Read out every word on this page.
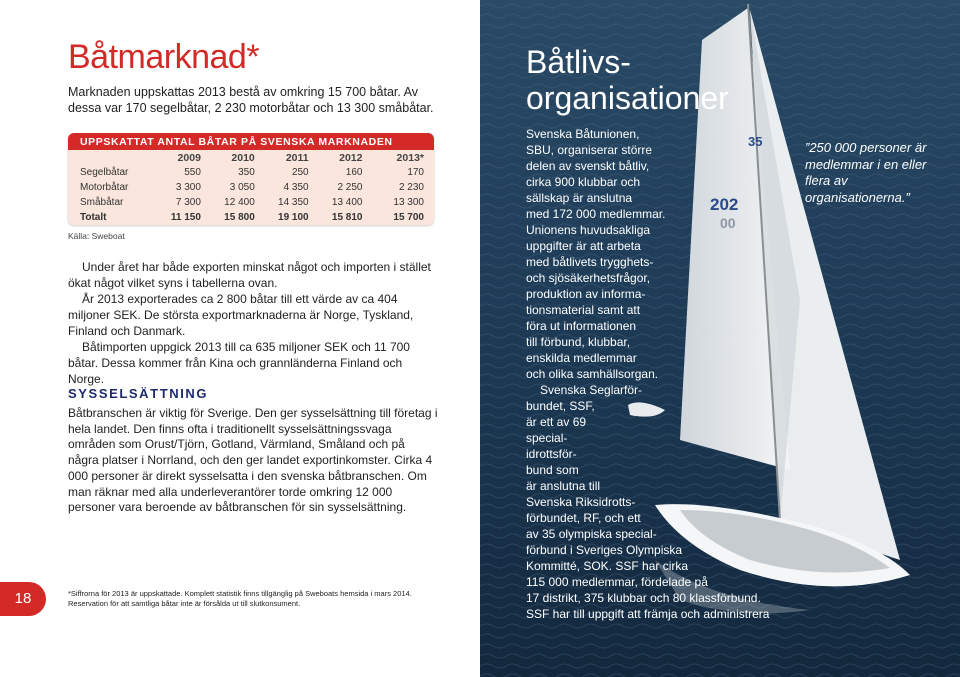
Båtmarknad*
Marknaden uppskattas 2013 bestå av omkring 15 700 båtar. Av dessa var 170 segelbåtar, 2 230 motorbåtar och 13 300 småbåtar.
UPPSKATTAT ANTAL BÅTAR PÅ SVENSKA MARKNADEN
	2009	2010	2011	2012	2013*
Segelbåtar	550	350	250	160	170
Motorbåtar	3 300	3 050	4 350	2 250	2 230
Småbåtar	7 300	12 400	14 350	13 400	13 300
Totalt	11 150	15 800	19 100	15 810	15 700
Källa: Sweboat

Under året har både exporten minskat något och importen i stället ökat något vilket syns i tabellerna ovan.

År 2013 exporterades ca 2 800 båtar till ett värde av ca 404 miljoner SEK. De största exportmarknaderna är Norge, Tyskland, Finland och Danmark.

Båtimporten uppgick 2013 till ca 635 miljoner SEK och 11 700 båtar. Dessa kommer från Kina och grannländerna Finland och Norge.

SYSSELSÄTTNING

Båtbranschen är viktig för Sverige. Den ger sysselsättning till företag i hela landet. Den finns ofta i traditionellt sysselsättningssvaga områden som Orust/Tjörn, Gotland, Värmland, Småland och på några platser i Norrland, och den ger landet exportinkomster. Cirka 4 000 personer är direkt sysselsatta i den svenska båtbranschen. Om man räknar med alla underleverantörer torde omkring 12 000 personer vara beroende av båtbranschen för sin sysselsättning.

*Siffrorna för 2013 är uppskattade. Komplett statistik finns tillgänglig på Sweboats hemsida i mars 2014.
Reservation för att samtliga båtar inte är försålda ut till slutkonsument.
18
35
202
00
Båtlivs-
organisationer

Svenska Båtunionen,

SBU, organiserar större

delen av svenskt båtliv,

cirka 900 klubbar och

sällskap är anslutna

med 172 000 medlemmar.

Unionens huvudsakliga

uppgifter är att arbeta

med båtlivets trygghets-

och sjösäkerhetsfrågor,

produktion av informa-

tionsmaterial samt att

föra ut informationen

till förbund, klubbar,

enskilda medlemmar

och olika samhällsorgan.

Svenska Seglarför-

bundet, SSF,

är ett av 69

special-

idrottsför-

bund som

är anslutna till

Svenska Riksidrotts-

förbundet, RF, och ett

av 35 olympiska special-

förbund i Sveriges Olympiska

Kommitté, SOK. SSF har cirka

115 000 medlemmar, fördelade på

17 distrikt, 375 klubbar och 80 klassförbund.

SSF har till uppgift att främja och administrera

”250 000 personer är medlemmar i en eller flera av organisationerna.”
